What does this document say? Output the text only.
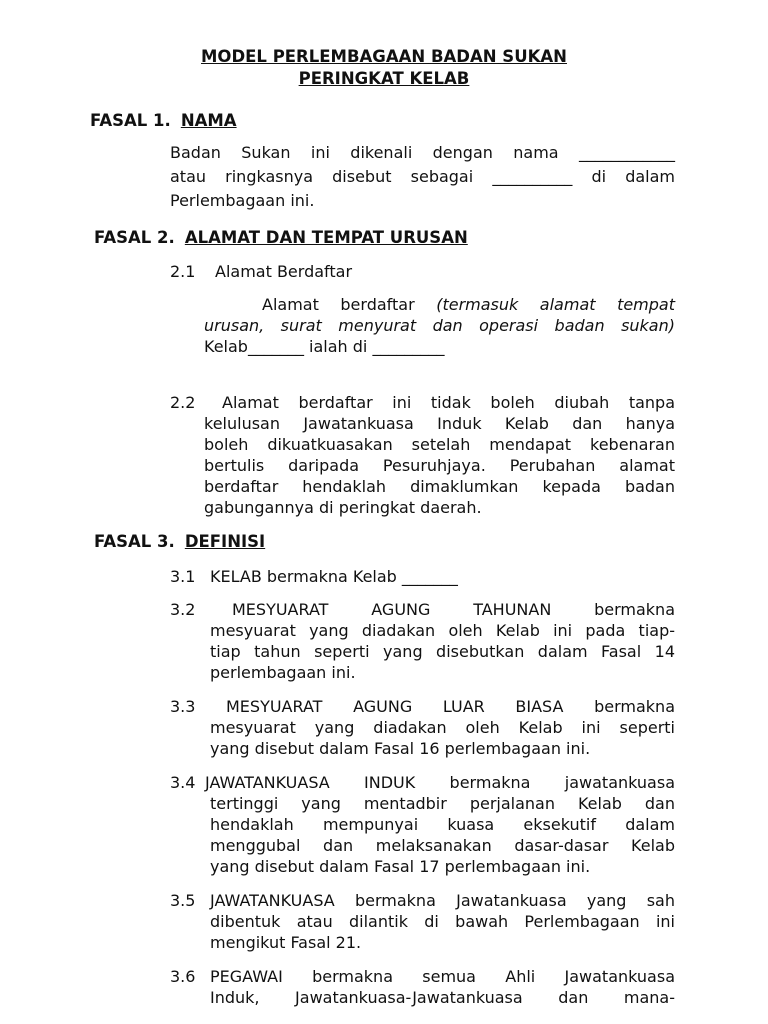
MODEL PERLEMBAGAAN BADAN SUKAN
PERINGKAT KELAB
FASAL 1. NAMA
Badan Sukan ini dikenali dengan nama ____________
atau ringkasnya disebut sebagai __________ di dalam
Perlembagaan ini.
FASAL 2. ALAMAT DAN TEMPAT URUSAN
2.1 Alamat Berdaftar
Alamat berdaftar (termasuk alamat tempat
urusan, surat menyurat dan operasi badan sukan)
Kelab_______ ialah di _________
2.2	Alamat berdaftar ini tidak boleh diubah tanpa
kelulusan Jawatankuasa Induk Kelab dan hanya
boleh dikuatkuasakan setelah mendapat kebenaran
bertulis daripada Pesuruhjaya. Perubahan alamat
berdaftar hendaklah dimaklumkan kepada badan
gabungannya di peringkat daerah.
FASAL 3. DEFINISI
3.1 KELAB bermakna Kelab _______
3.2	MESYUARAT AGUNG TAHUNAN bermakna
mesyuarat yang diadakan oleh Kelab ini pada tiap-
tiap tahun seperti yang disebutkan dalam Fasal 14
perlembagaan ini.
3.3	MESYUARAT AGUNG LUAR BIASA bermakna
mesyuarat yang diadakan oleh Kelab ini seperti
yang disebut dalam Fasal 16 perlembagaan ini.
3.4 JAWATANKUASA INDUK bermakna jawatankuasa
tertinggi yang mentadbir perjalanan Kelab dan
hendaklah mempunyai kuasa eksekutif dalam
menggubal dan melaksanakan dasar-dasar Kelab
yang disebut dalam Fasal 17 perlembagaan ini.
3.5 JAWATANKUASA bermakna Jawatankuasa yang sah
dibentuk atau dilantik di bawah Perlembagaan ini
mengikut Fasal 21.
3.6 PEGAWAI bermakna semua Ahli Jawatankuasa
Induk, Jawatankuasa-Jawatankuasa dan mana-
